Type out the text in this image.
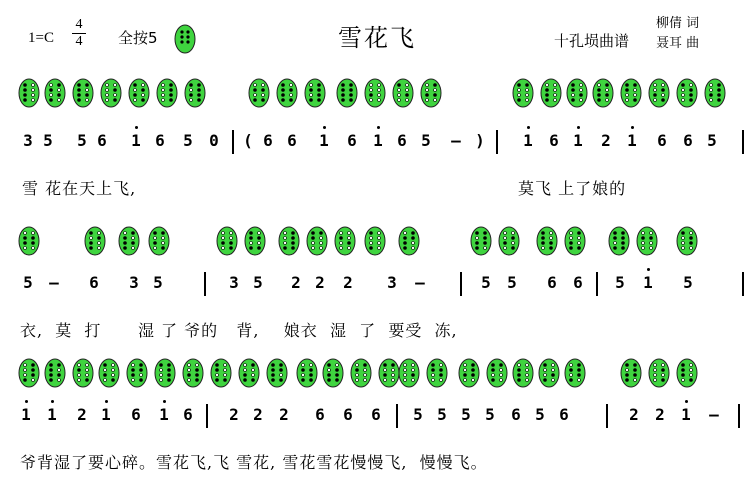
1=C
4
4 全按5	雪花飞	十孔埙曲谱
柳倩 词
聂耳 曲
3 5 5 6 1 6 5 0 ( 6 6 1 6 1 6 5 – ) 1 6 1 2 1 6 6 5
5 – 6 3 5	3 5 2 2 2 3 –	5 5 6 6 5 1 5
1 1 2 1 6 1 6 2 2 2 6 6 6 5 5 5 5 6 5 6	2 2 1 –
雪 花在天上飞,	莫飞 上了娘的
衣,  莫  打      湿 了 爷的   背,    娘衣  湿  了  要受  冻,
爷背湿了要心碎。雪花飞,飞 雪花, 雪花雪花慢慢飞,  慢慢飞。
